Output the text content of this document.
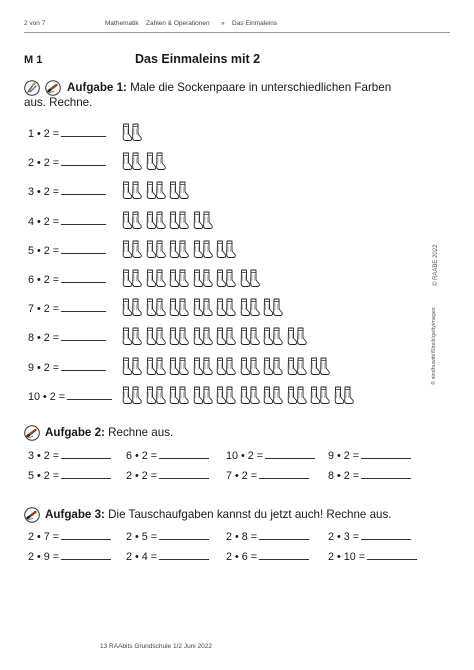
2 von 7	Mathematik Zahlen & Operationen » Das Einmaleins
M 1	Das Einmaleins mit 2
Aufgabe 1: Male die Sockenpaare in unterschiedlichen Farben
aus. Rechne.
1 • 2 =
2 • 2 =
3 • 2 =
4 • 2 =
5 • 2 =
6 • 2 =
7 • 2 =
8 • 2 =
9 • 2 =
10 • 2 =
Aufgabe 2: Rechne aus.
3 • 2 =	6 • 2 =	10 • 2 =	9 • 2 =
5 • 2 =	2 • 2 =	7 • 2 =	8 • 2 =
Aufgabe 3: Die Tauschaufgaben kannst du jetzt auch! Rechne aus.
2 • 7 =	2 • 5 =	2 • 8 =	2 • 3 =
2 • 9 =	2 • 4 =	2 • 6 =	2 • 10 =
© sindhuwitt/iStock/gettyimages
© RAABE 2022
13 RAAbits Grundschule 1/2 Juni 2022
